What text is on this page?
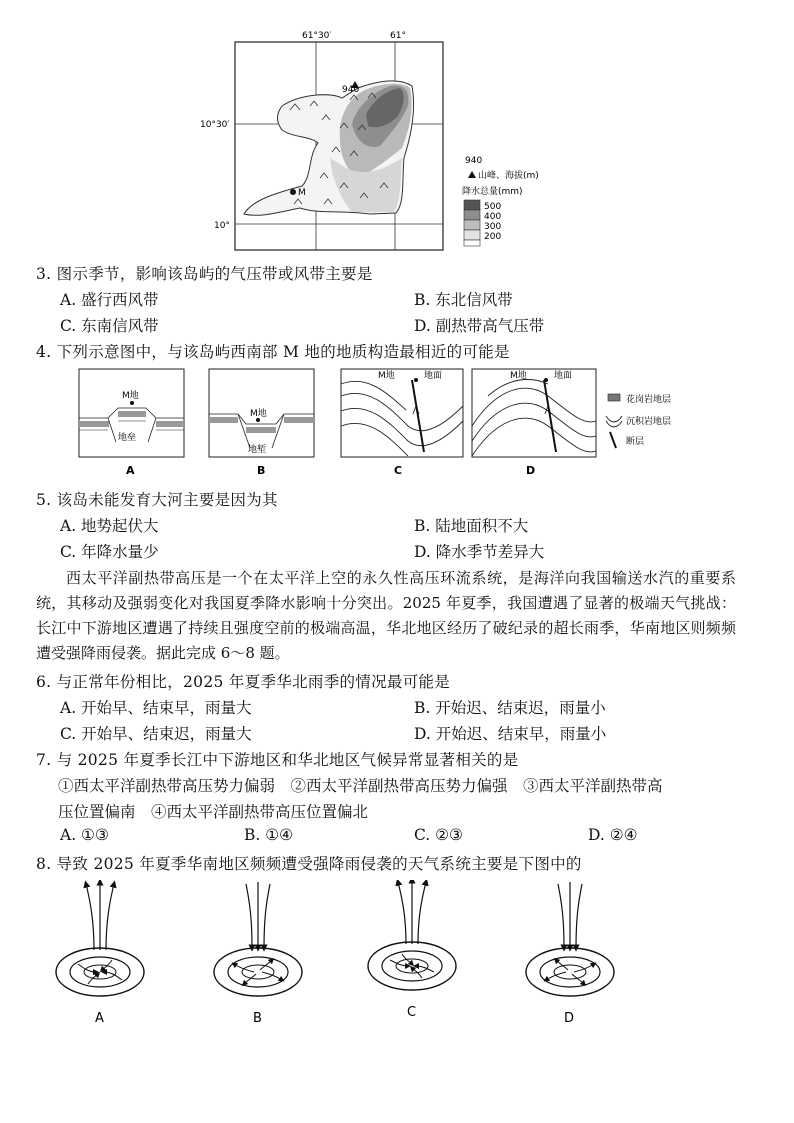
61°30′	61°
10°30′
10°
940
M
940
山峰、海拔(m)
降水总量(mm)
500
400
300
200
3. 图示季节，影响该岛屿的气压带或风带主要是
A. 盛行西风带	B. 东北信风带
C. 东南信风带	D. 副热带高气压带
4. 下列示意图中，与该岛屿西南部 M 地的地质构造最相近的可能是
M地
地垒
A
M地
地堑
B
M地	地面
C
M地	地面
D
花岗岩地层
沉积岩地层
断层
5. 该岛未能发育大河主要是因为其
A. 地势起伏大	B. 陆地面积不大
C. 年降水量少	D. 降水季节差异大
西太平洋副热带高压是一个在太平洋上空的永久性高压环流系统，是海洋向我国输送水汽的重要系统，其移动及强弱变化对我国夏季降水影响十分突出。2025 年夏季，我国遭遇了显著的极端天气挑战：长江中下游地区遭遇了持续且强度空前的极端高温，华北地区经历了破纪录的超长雨季，华南地区则频频遭受强降雨侵袭。据此完成 6～8 题。
6. 与正常年份相比，2025 年夏季华北雨季的情况最可能是
A. 开始早、结束早，雨量大	B. 开始迟、结束迟，雨量小
C. 开始早、结束迟，雨量大	D. 开始迟、结束早，雨量小
7. 与 2025 年夏季长江中下游地区和华北地区气候异常显著相关的是
①西太平洋副热带高压势力偏弱　②西太平洋副热带高压势力偏强　③西太平洋副热带高
压位置偏南　④西太平洋副热带高压位置偏北
A. ①③	B. ①④	C. ②③	D. ②④
8. 导致 2025 年夏季华南地区频频遭受强降雨侵袭的天气系统主要是下图中的
A	B	C	D
